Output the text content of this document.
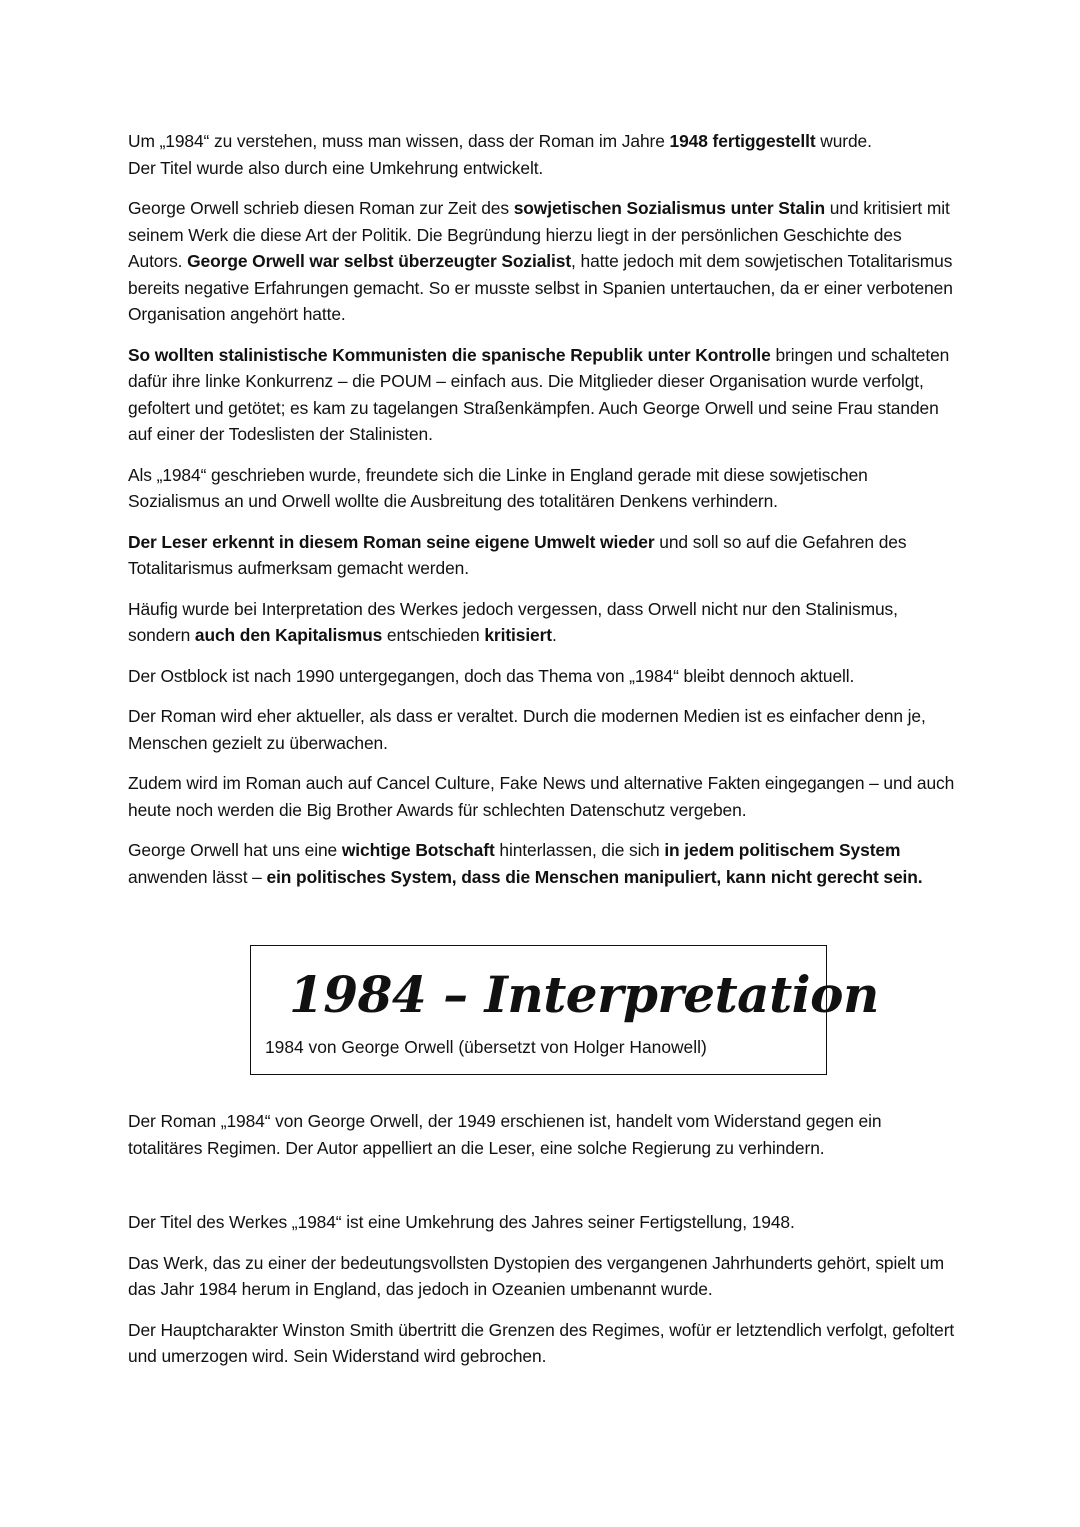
Um „1984“ zu verstehen, muss man wissen, dass der Roman im Jahre 1948 fertiggestellt wurde.
Der Titel wurde also durch eine Umkehrung entwickelt.

George Orwell schrieb diesen Roman zur Zeit des sowjetischen Sozialismus unter Stalin und kritisiert mit seinem Werk die diese Art der Politik. Die Begründung hierzu liegt in der persönlichen Geschichte des Autors. George Orwell war selbst überzeugter Sozialist, hatte jedoch mit dem sowjetischen Totalitarismus bereits negative Erfahrungen gemacht. So er musste selbst in Spanien untertauchen, da er einer verbotenen Organisation angehört hatte.

So wollten stalinistische Kommunisten die spanische Republik unter Kontrolle bringen und schalteten dafür ihre linke Konkurrenz – die POUM – einfach aus. Die Mitglieder dieser Organisation wurde verfolgt, gefoltert und getötet; es kam zu tagelangen Straßenkämpfen. Auch George Orwell und seine Frau standen auf einer der Todeslisten der Stalinisten.

Als „1984“ geschrieben wurde, freundete sich die Linke in England gerade mit diese sowjetischen Sozialismus an und Orwell wollte die Ausbreitung des totalitären Denkens verhindern.

Der Leser erkennt in diesem Roman seine eigene Umwelt wieder und soll so auf die Gefahren des Totalitarismus aufmerksam gemacht werden.

Häufig wurde bei Interpretation des Werkes jedoch vergessen, dass Orwell nicht nur den Stalinismus, sondern auch den Kapitalismus entschieden kritisiert.

Der Ostblock ist nach 1990 untergegangen, doch das Thema von „1984“ bleibt dennoch aktuell.

Der Roman wird eher aktueller, als dass er veraltet. Durch die modernen Medien ist es einfacher denn je, Menschen gezielt zu überwachen.

Zudem wird im Roman auch auf Cancel Culture, Fake News und alternative Fakten eingegangen – und auch heute noch werden die Big Brother Awards für schlechten Datenschutz vergeben.

George Orwell hat uns eine wichtige Botschaft hinterlassen, die sich in jedem politischem System anwenden lässt – ein politisches System, dass die Menschen manipuliert, kann nicht gerecht sein.

1984 – Interpretation
1984 von George Orwell (übersetzt von Holger Hanowell)

Der Roman „1984“ von George Orwell, der 1949 erschienen ist, handelt vom Widerstand gegen ein totalitäres Regimen. Der Autor appelliert an die Leser, eine solche Regierung zu verhindern.

Der Titel des Werkes „1984“ ist eine Umkehrung des Jahres seiner Fertigstellung, 1948.

Das Werk, das zu einer der bedeutungsvollsten Dystopien des vergangenen Jahrhunderts gehört, spielt um das Jahr 1984 herum in England, das jedoch in Ozeanien umbenannt wurde.

Der Hauptcharakter Winston Smith übertritt die Grenzen des Regimes, wofür er letztendlich verfolgt, gefoltert und umerzogen wird. Sein Widerstand wird gebrochen.
